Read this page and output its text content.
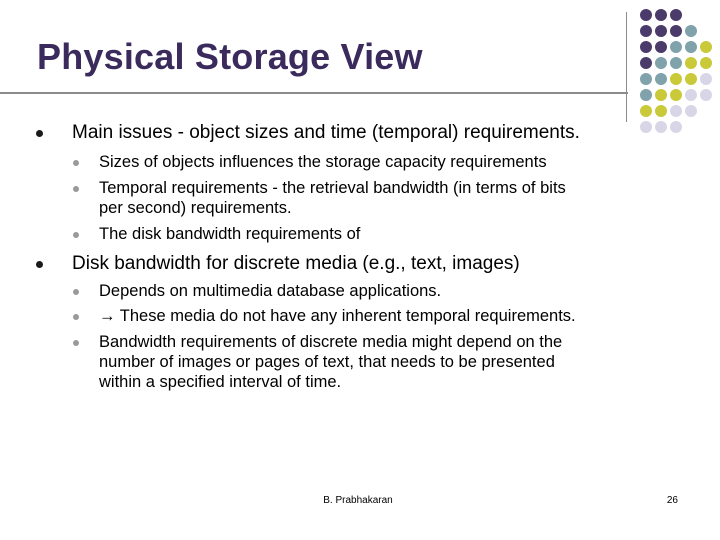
Physical Storage View
Main issues - object sizes and time (temporal) requirements.
Sizes of objects influences the storage capacity requirements
Temporal requirements - the retrieval bandwidth (in terms of bits
per second) requirements.
The disk bandwidth requirements of
Disk bandwidth for discrete media (e.g., text, images)
Depends on multimedia database applications.
→ These media do not have any inherent temporal requirements.
Bandwidth requirements of discrete media might depend on the
number of images or pages of text, that needs to be presented
within a specified interval of time.
B. Prabhakaran	26
